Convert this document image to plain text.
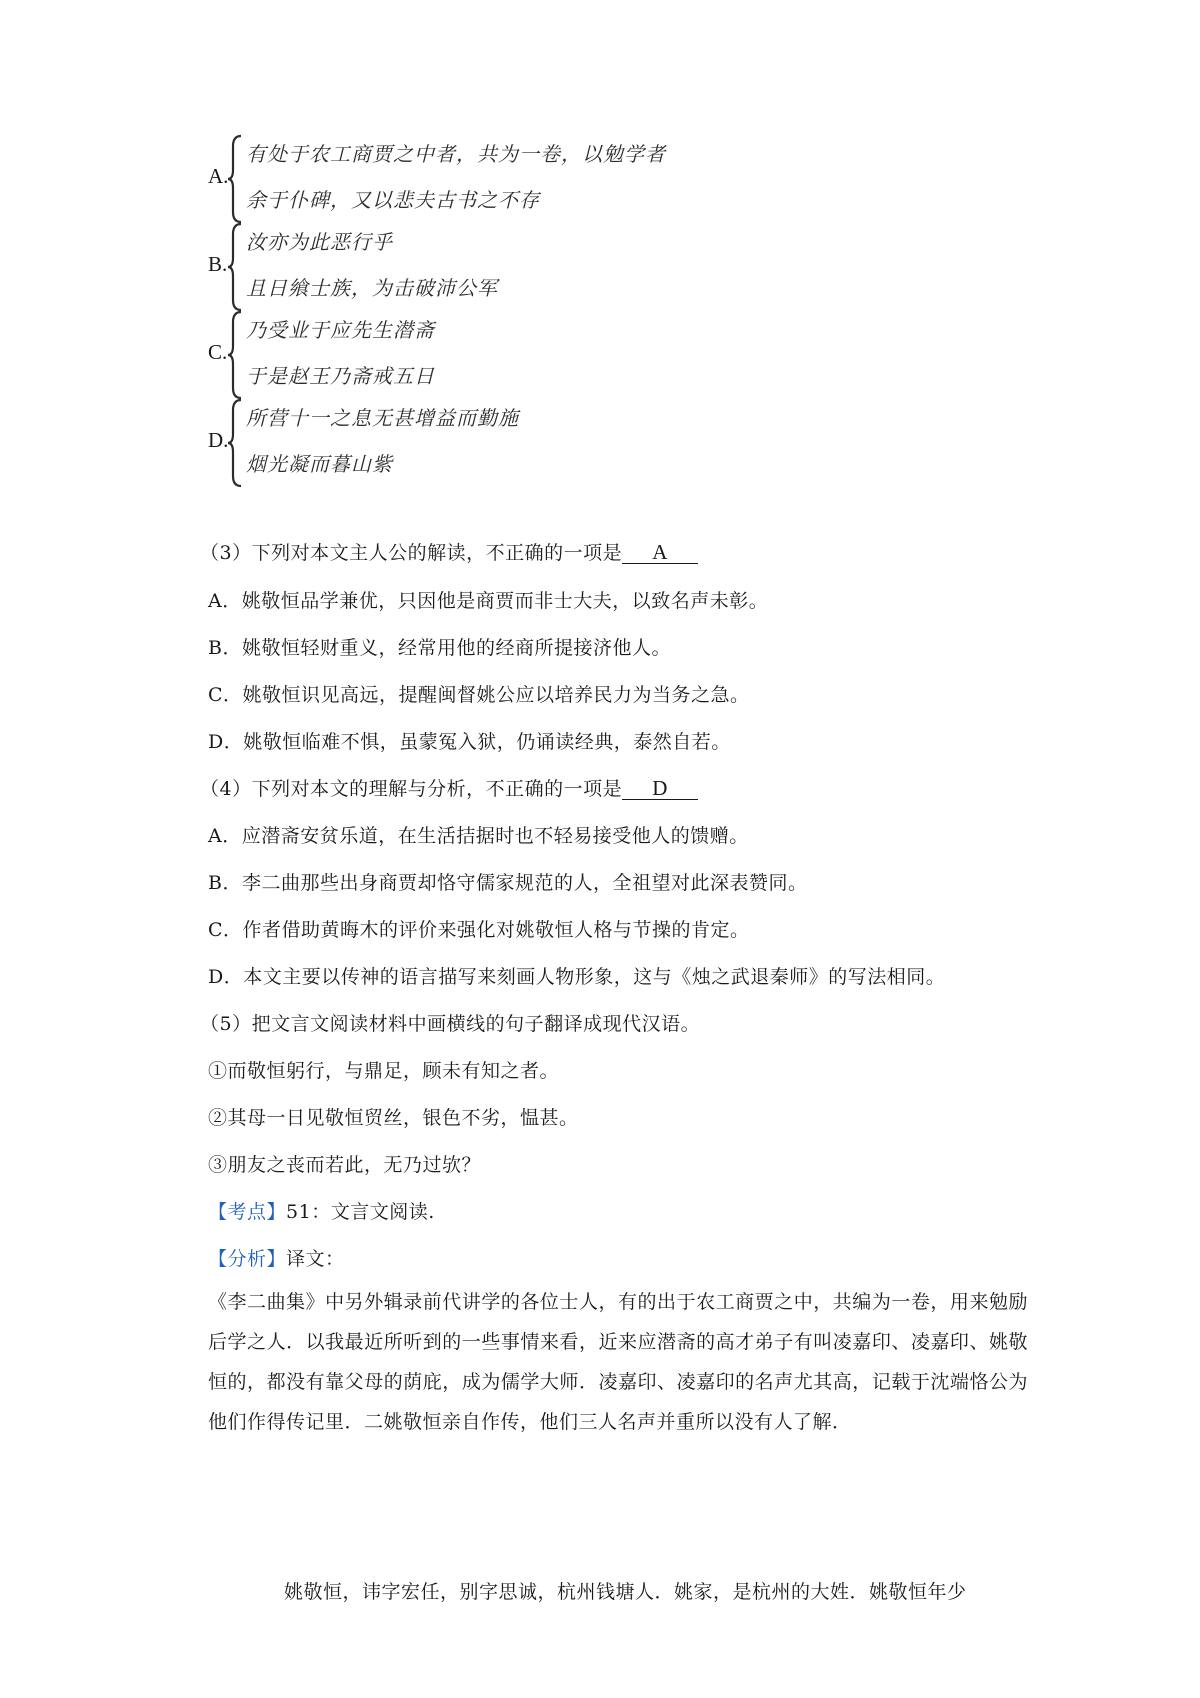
A.
有处于农工商贾之中者，共为一卷，以勉学者
余于仆碑，又以悲夫古书之不存
B.
汝亦为此恶行乎
且日飨士族，为击破沛公军
C.
乃受业于应先生潜斋
于是赵王乃斋戒五日
D.
所营十一之息无甚增益而勤施
烟光凝而暮山紫
（3）下列对本文主人公的解读，不正确的一项是 A
A．姚敬恒品学兼优，只因他是商贾而非士大夫，以致名声未彰。
B．姚敬恒轻财重义，经常用他的经商所提接济他人。
C．姚敬恒识见高远，提醒闽督姚公应以培养民力为当务之急。
D．姚敬恒临难不惧，虽蒙冤入狱，仍诵读经典，泰然自若。
（4）下列对本文的理解与分析，不正确的一项是 D
A．应潜斋安贫乐道，在生活拮据时也不轻易接受他人的馈赠。
B．李二曲那些出身商贾却恪守儒家规范的人，全祖望对此深表赞同。
C．作者借助黄晦木的评价来强化对姚敬恒人格与节操的肯定。
D．本文主要以传神的语言描写来刻画人物形象，这与《烛之武退秦师》的写法相同。
（5）把文言文阅读材料中画横线的句子翻译成现代汉语。
①而敬恒躬行，与鼎足，顾未有知之者。
②其母一日见敬恒贸丝，银色不劣，愠甚。
③朋友之丧而若此，无乃过欤？
【考点】51：文言文阅读.
【分析】译文：
《李二曲集》中另外辑录前代讲学的各位士人，有的出于农工商贾之中，共编为一卷，用来勉励后学之人．以我最近所听到的一些事情来看，近来应潜斋的高才弟子有叫凌嘉印、凌嘉印、姚敬恒的，都没有靠父母的荫庇，成为儒学大师．凌嘉印、凌嘉印的名声尤其高，记载于沈端恪公为他们作得传记里．二姚敬恒亲自作传，他们三人名声并重所以没有人了解．
姚敬恒，讳字宏任，别字思诚，杭州钱塘人．姚家，是杭州的大姓．姚敬恒年少
